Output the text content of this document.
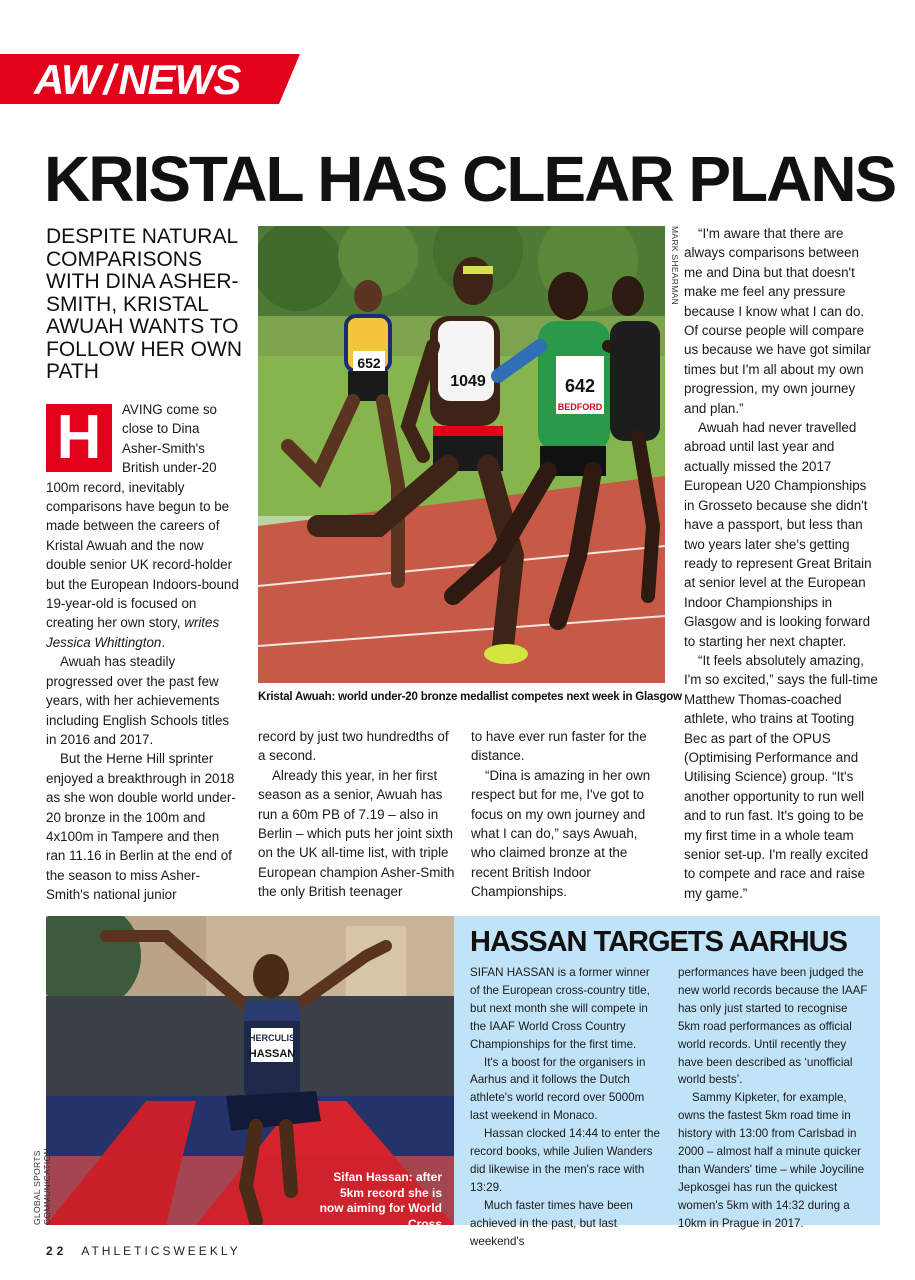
AW/NEWS
KRISTAL HAS CLEAR PLANS
DESPITE NATURAL COMPARISONS WITH DINA ASHER-SMITH, KRISTAL AWUAH WANTS TO FOLLOW HER OWN PATH

H	AVING come so close to Dina Asher-Smith's British under-20 100m record, inevitably comparisons have begun to be made between the careers of Kristal Awuah and the now double senior UK record-holder but the European Indoors-bound 19-year-old is focused on creating her own story, writes Jessica Whittington.

Awuah has steadily progressed over the past few years, with her achievements including English Schools titles in 2016 and 2017.

But the Herne Hill sprinter enjoyed a breakthrough in 2018 as she won double world under-20 bronze in the 100m and 4x100m in Tampere and then ran 11.16 in Berlin at the end of the season to miss Asher-Smith's national junior

652
1049	642
BEDFORD
MARK SHEARMAN
Kristal Awuah: world under-20 bronze medallist competes next week in Glasgow

record by just two hundredths of a second.

Already this year, in her first season as a senior, Awuah has run a 60m PB of 7.19 – also in Berlin – which puts her joint sixth on the UK all-time list, with triple European champion Asher-Smith the only British teenager

to have ever run faster for the distance.

“Dina is amazing in her own respect but for me, I've got to focus on my own journey and what I can do,” says Awuah, who claimed bronze at the recent British Indoor Championships.

“I'm aware that there are always comparisons between me and Dina but that doesn't make me feel any pressure because I know what I can do. Of course people will compare us because we have got similar times but I'm all about my own progression, my own journey and plan.”

Awuah had never travelled abroad until last year and actually missed the 2017 European U20 Championships in Grosseto because she didn't have a passport, but less than two years later she's getting ready to represent Great Britain at senior level at the European Indoor Championships in Glasgow and is looking forward to starting her next chapter.

“It feels absolutely amazing, I'm so excited,” says the full-time Matthew Thomas-coached athlete, who trains at Tooting Bec as part of the OPUS (Optimising Performance and Utilising Science) group. “It's another opportunity to run well and to run fast. It's going to be my first time in a whole team senior set-up. I'm really excited to compete and race and raise my game.”

HERCULIS
HASSAN
GLOBAL SPORTS COMMUNICATION	Sifan Hassan: after 5km record she is now aiming for World Cross
HASSAN TARGETS AARHUS

SIFAN HASSAN is a former winner of the European cross-country title, but next month she will compete in the IAAF World Cross Country Championships for the first time.

It's a boost for the organisers in Aarhus and it follows the Dutch athlete's world record over 5000m last weekend in Monaco.

Hassan clocked 14:44 to enter the record books, while Julien Wanders did likewise in the men's race with 13:29.

Much faster times have been achieved in the past, but last weekend's

performances have been judged the new world records because the IAAF has only just started to recognise 5km road performances as official world records. Until recently they have been described as ‘unofficial world bests’.

Sammy Kipketer, for example, owns the fastest 5km road time in history with 13:00 from Carlsbad in 2000 – almost half a minute quicker than Wanders' time – while Joyciline Jepkosgei has run the quickest women's 5km with 14:32 during a 10km in Prague in 2017.

22 ATHLETICSWEEKLY
